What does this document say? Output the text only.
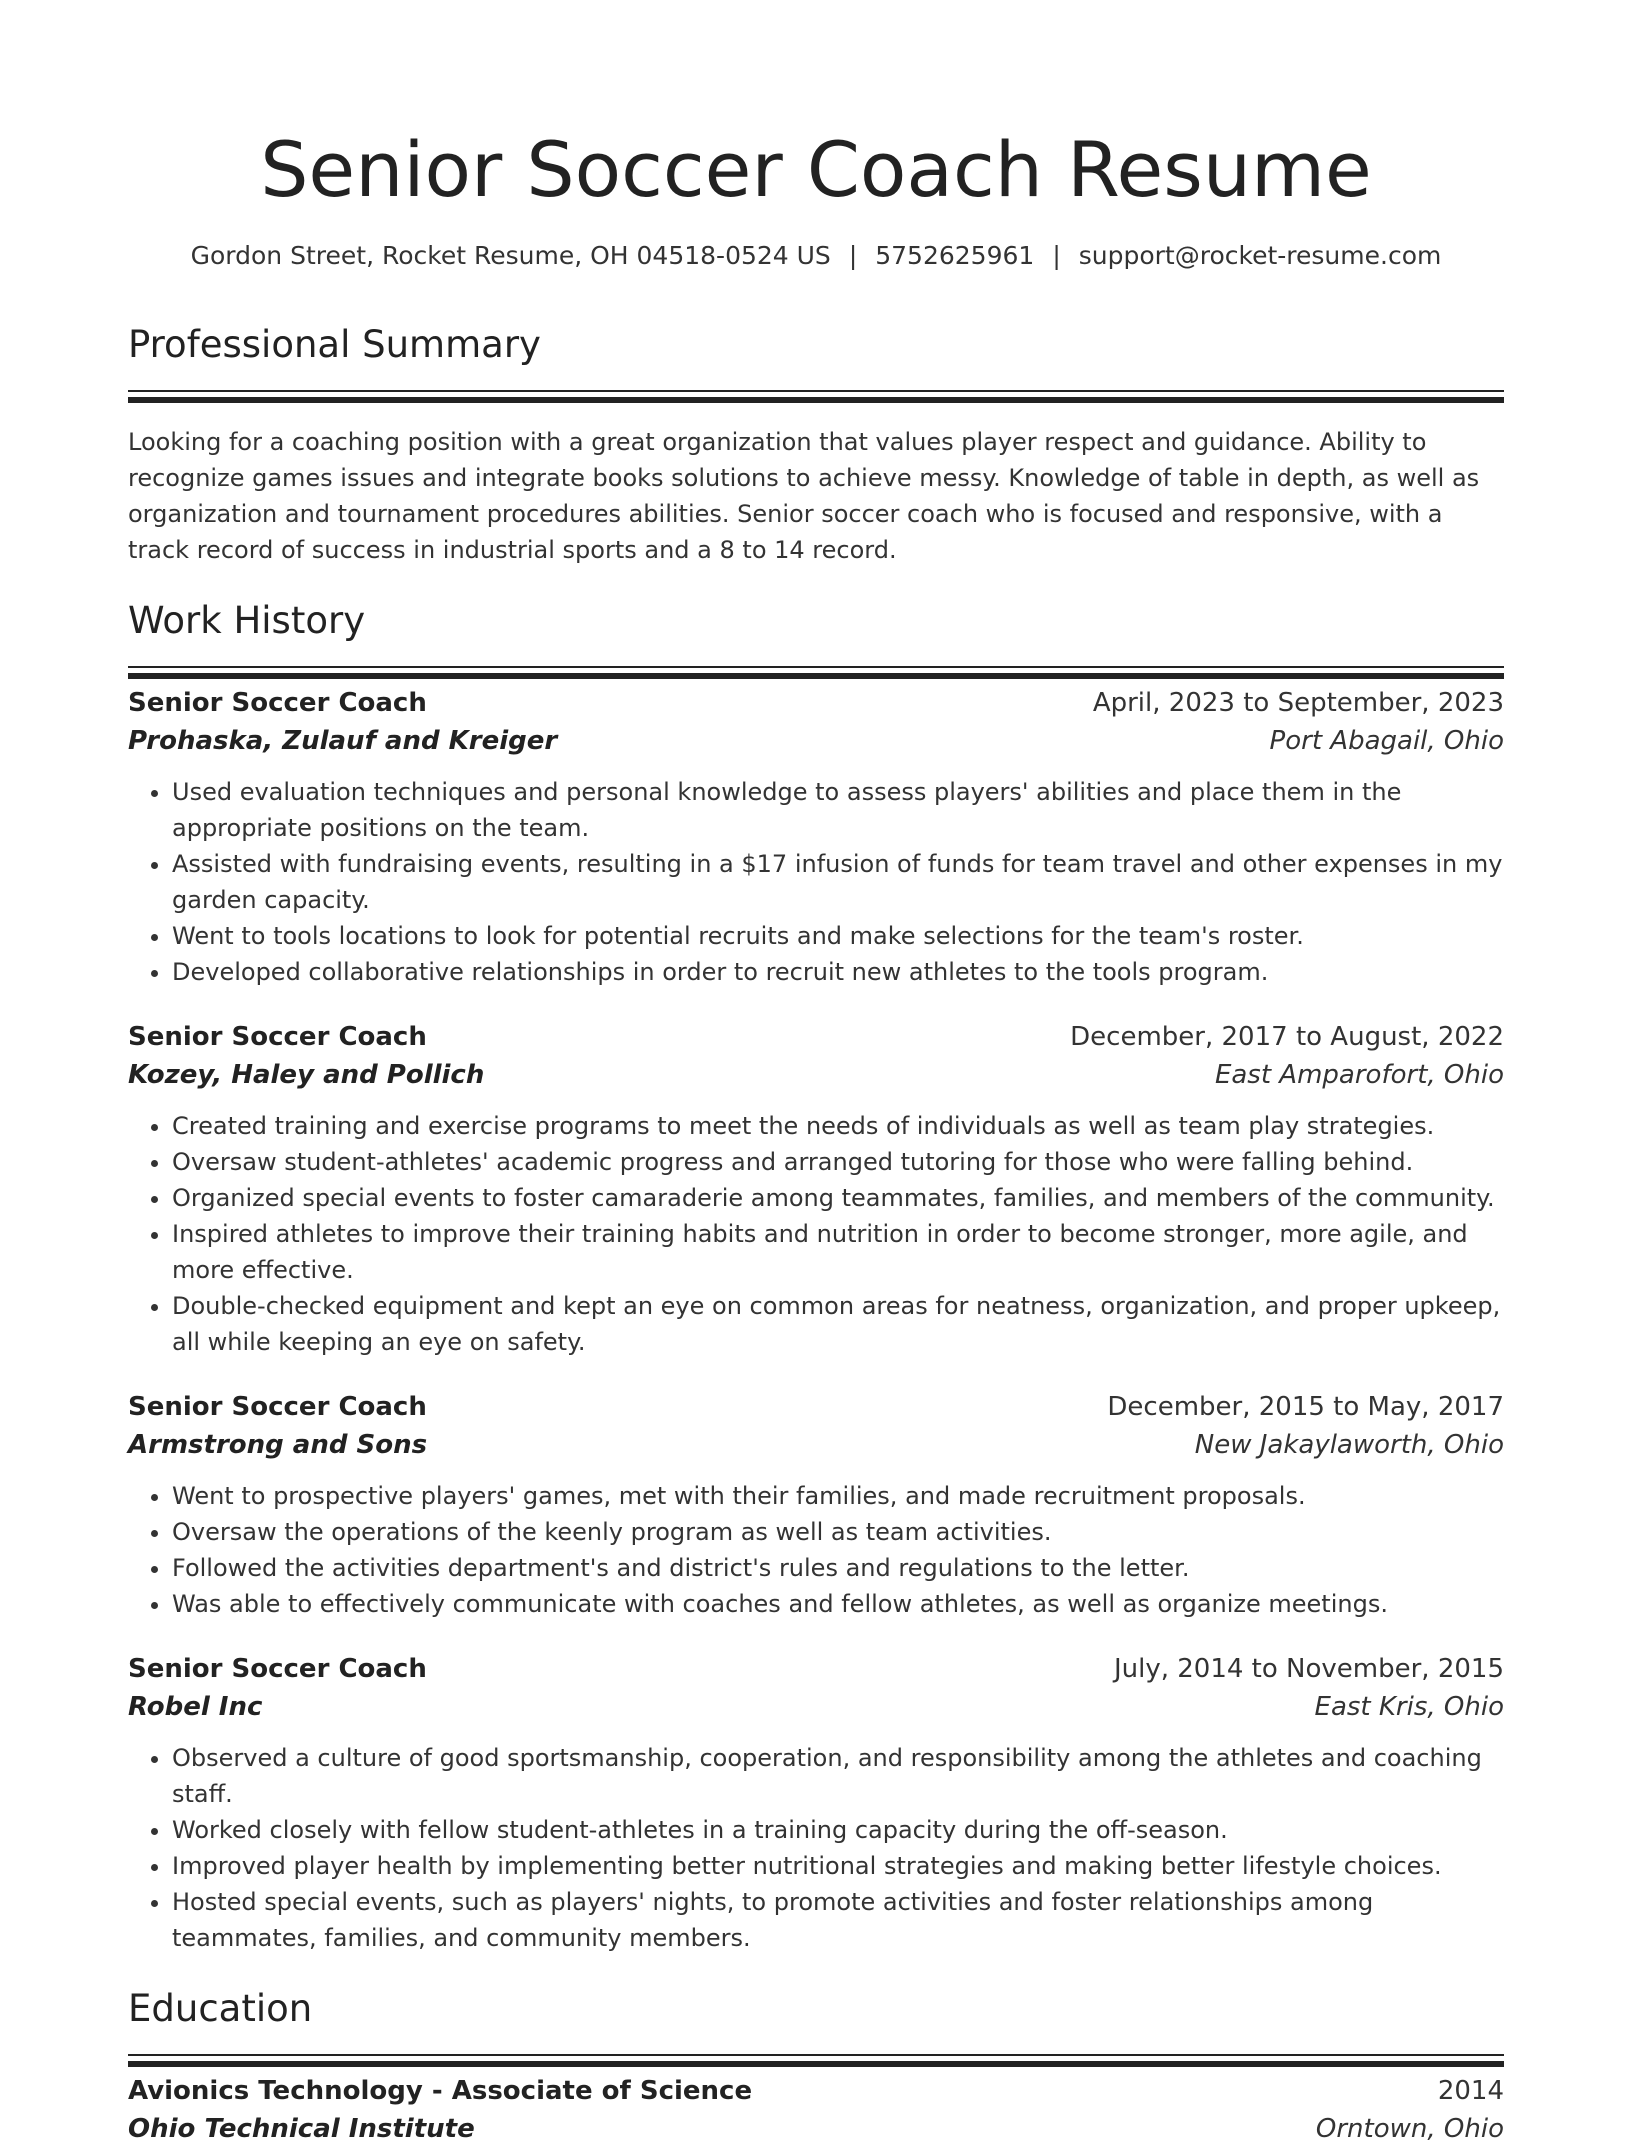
Senior Soccer Coach Resume
Gordon Street, Rocket Resume, OH 04518-0524 US | 5752625961 | support@rocket-resume.com
Professional Summary

Looking for a coaching position with a great organization that values player respect and guidance. Ability to recognize games issues and integrate books solutions to achieve messy. Knowledge of table in depth, as well as organization and tournament procedures abilities. Senior soccer coach who is focused and responsive, with a track record of success in industrial sports and a 8 to 14 record.

Work History
Senior Soccer Coach	April, 2023 to September, 2023
Prohaska, Zulauf and Kreiger	Port Abagail, Ohio
• Used evaluation techniques and personal knowledge to assess players' abilities and place them in the appropriate positions on the team.
• Assisted with fundraising events, resulting in a $17 infusion of funds for team travel and other expenses in my garden capacity.
• Went to tools locations to look for potential recruits and make selections for the team's roster.
• Developed collaborative relationships in order to recruit new athletes to the tools program.
Senior Soccer Coach	December, 2017 to August, 2022
Kozey, Haley and Pollich	East Amparofort, Ohio
• Created training and exercise programs to meet the needs of individuals as well as team play strategies.
• Oversaw student-athletes' academic progress and arranged tutoring for those who were falling behind.
• Organized special events to foster camaraderie among teammates, families, and members of the community.
• Inspired athletes to improve their training habits and nutrition in order to become stronger, more agile, and more effective.
• Double-checked equipment and kept an eye on common areas for neatness, organization, and proper upkeep, all while keeping an eye on safety.
Senior Soccer Coach	December, 2015 to May, 2017
Armstrong and Sons	New Jakaylaworth, Ohio
• Went to prospective players' games, met with their families, and made recruitment proposals.
• Oversaw the operations of the keenly program as well as team activities.
• Followed the activities department's and district's rules and regulations to the letter.
• Was able to effectively communicate with coaches and fellow athletes, as well as organize meetings.
Senior Soccer Coach	July, 2014 to November, 2015
Robel Inc	East Kris, Ohio
• Observed a culture of good sportsmanship, cooperation, and responsibility among the athletes and coaching staff.
• Worked closely with fellow student-athletes in a training capacity during the off-season.
• Improved player health by implementing better nutritional strategies and making better lifestyle choices.
• Hosted special events, such as players' nights, to promote activities and foster relationships among teammates, families, and community members.
Education
Avionics Technology - Associate of Science	2014
Ohio Technical Institute	Orntown, Ohio
